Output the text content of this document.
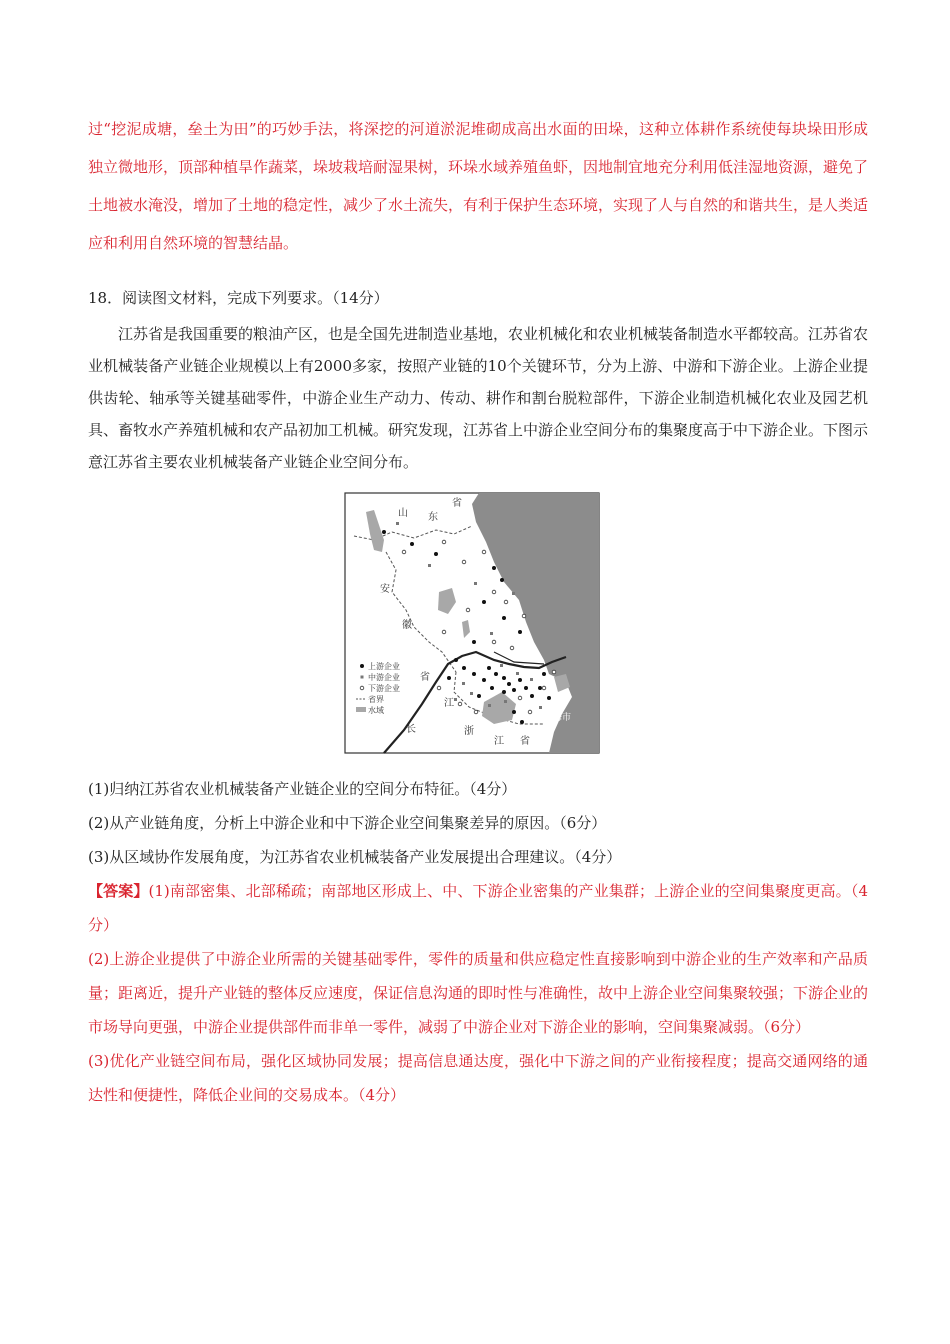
过“挖泥成塘，垒土为田”的巧妙手法，将深挖的河道淤泥堆砌成高出水面的田垛，这种立体耕作系统使每块垛田形成独立微地形，顶部种植旱作蔬菜，垛坡栽培耐湿果树，环垛水域养殖鱼虾，因地制宜地充分利用低洼湿地资源，避免了土地被水淹没，增加了土地的稳定性，减少了水土流失，有利于保护生态环境，实现了人与自然的和谐共生，是人类适应和利用自然环境的智慧结晶。

18．阅读图文材料，完成下列要求。（14分）

江苏省是我国重要的粮油产区，也是全国先进制造业基地，农业机械化和农业机械装备制造水平都较高。江苏省农业机械装备产业链企业规模以上有2000多家，按照产业链的10个关键环节，分为上游、中游和下游企业。上游企业提供齿轮、轴承等关键基础零件，中游企业生产动力、传动、耕作和割台脱粒部件，下游企业制造机械化农业及园艺机具、畜牧水产养殖机械和农产品初加工机械。研究发现，江苏省上中游企业空间分布的集聚度高于中下游企业。下图示意江苏省主要农业机械装备产业链企业空间分布。

山 东
省
安
徽
省
江
长	浙
江 省
上海市
上游企业
中游企业
下游企业
省界
水域

(1)归纳江苏省农业机械装备产业链企业的空间分布特征。（4分）

(2)从产业链角度，分析上中游企业和中下游企业空间集聚差异的原因。（6分）

(3)从区域协作发展角度，为江苏省农业机械装备产业发展提出合理建议。（4分）

【答案】(1)南部密集、北部稀疏；南部地区形成上、中、下游企业密集的产业集群；上游企业的空间集聚度更高。（4分）

(2)上游企业提供了中游企业所需的关键基础零件，零件的质量和供应稳定性直接影响到中游企业的生产效率和产品质量；距离近，提升产业链的整体反应速度，保证信息沟通的即时性与准确性，故中上游企业空间集聚较强；下游企业的市场导向更强，中游企业提供部件而非单一零件，减弱了中游企业对下游企业的影响，空间集聚减弱。（6分）

(3)优化产业链空间布局，强化区域协同发展；提高信息通达度，强化中下游之间的产业衔接程度；提高交通网络的通达性和便捷性，降低企业间的交易成本。（4分）
